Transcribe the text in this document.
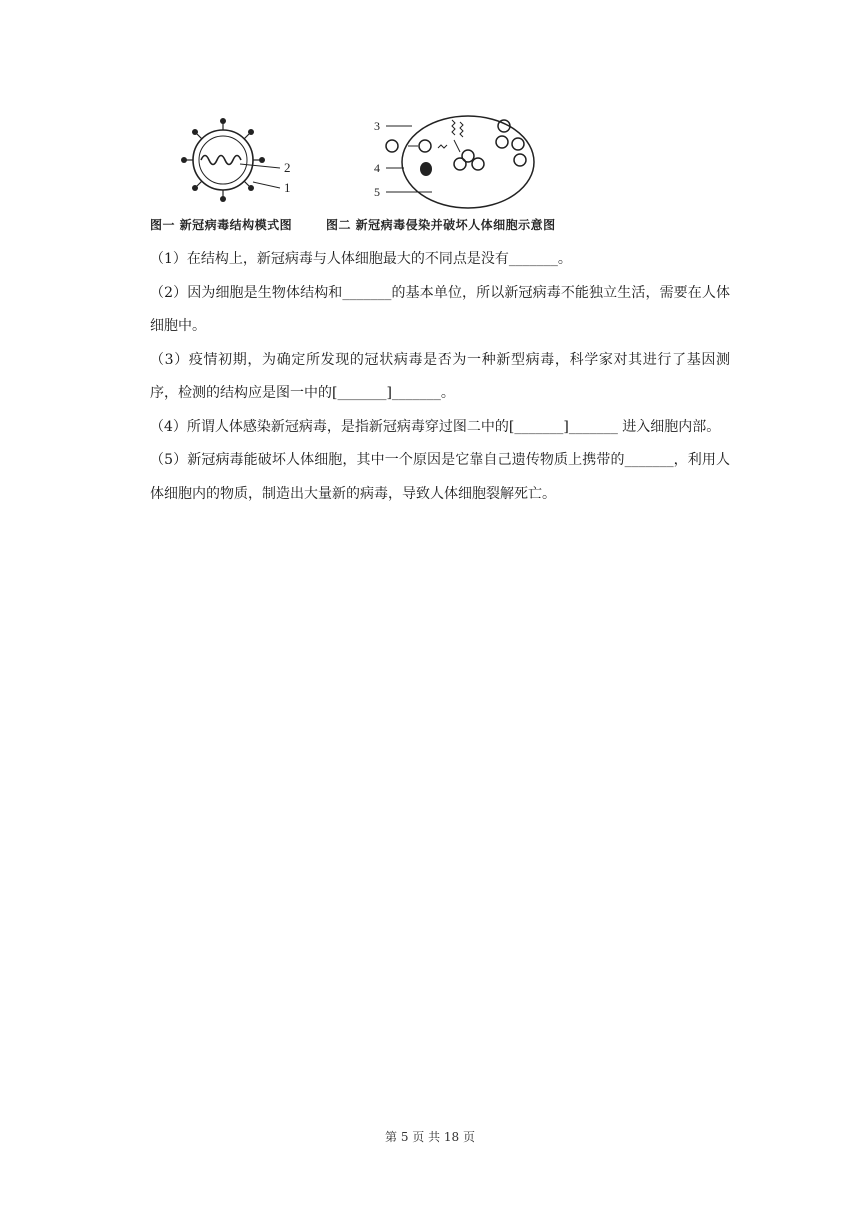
2
1
3
4
5
图一 新冠病毒结构模式图	图二 新冠病毒侵染并破坏人体细胞示意图

（1）在结构上，新冠病毒与人体细胞最大的不同点是没有_______。

（2）因为细胞是生物体结构和_______的基本单位，所以新冠病毒不能独立生活，需要在人体细胞中。

（3）疫情初期，为确定所发现的冠状病毒是否为一种新型病毒，科学家对其进行了基因测序，检测的结构应是图一中的[_______]_______。

（4）所谓人体感染新冠病毒，是指新冠病毒穿过图二中的[_______]_______ 进入细胞内部。

（5）新冠病毒能破坏人体细胞，其中一个原因是它靠自己遗传物质上携带的_______，利用人体细胞内的物质，制造出大量新的病毒，导致人体细胞裂解死亡。

第 5 页 共 18 页
